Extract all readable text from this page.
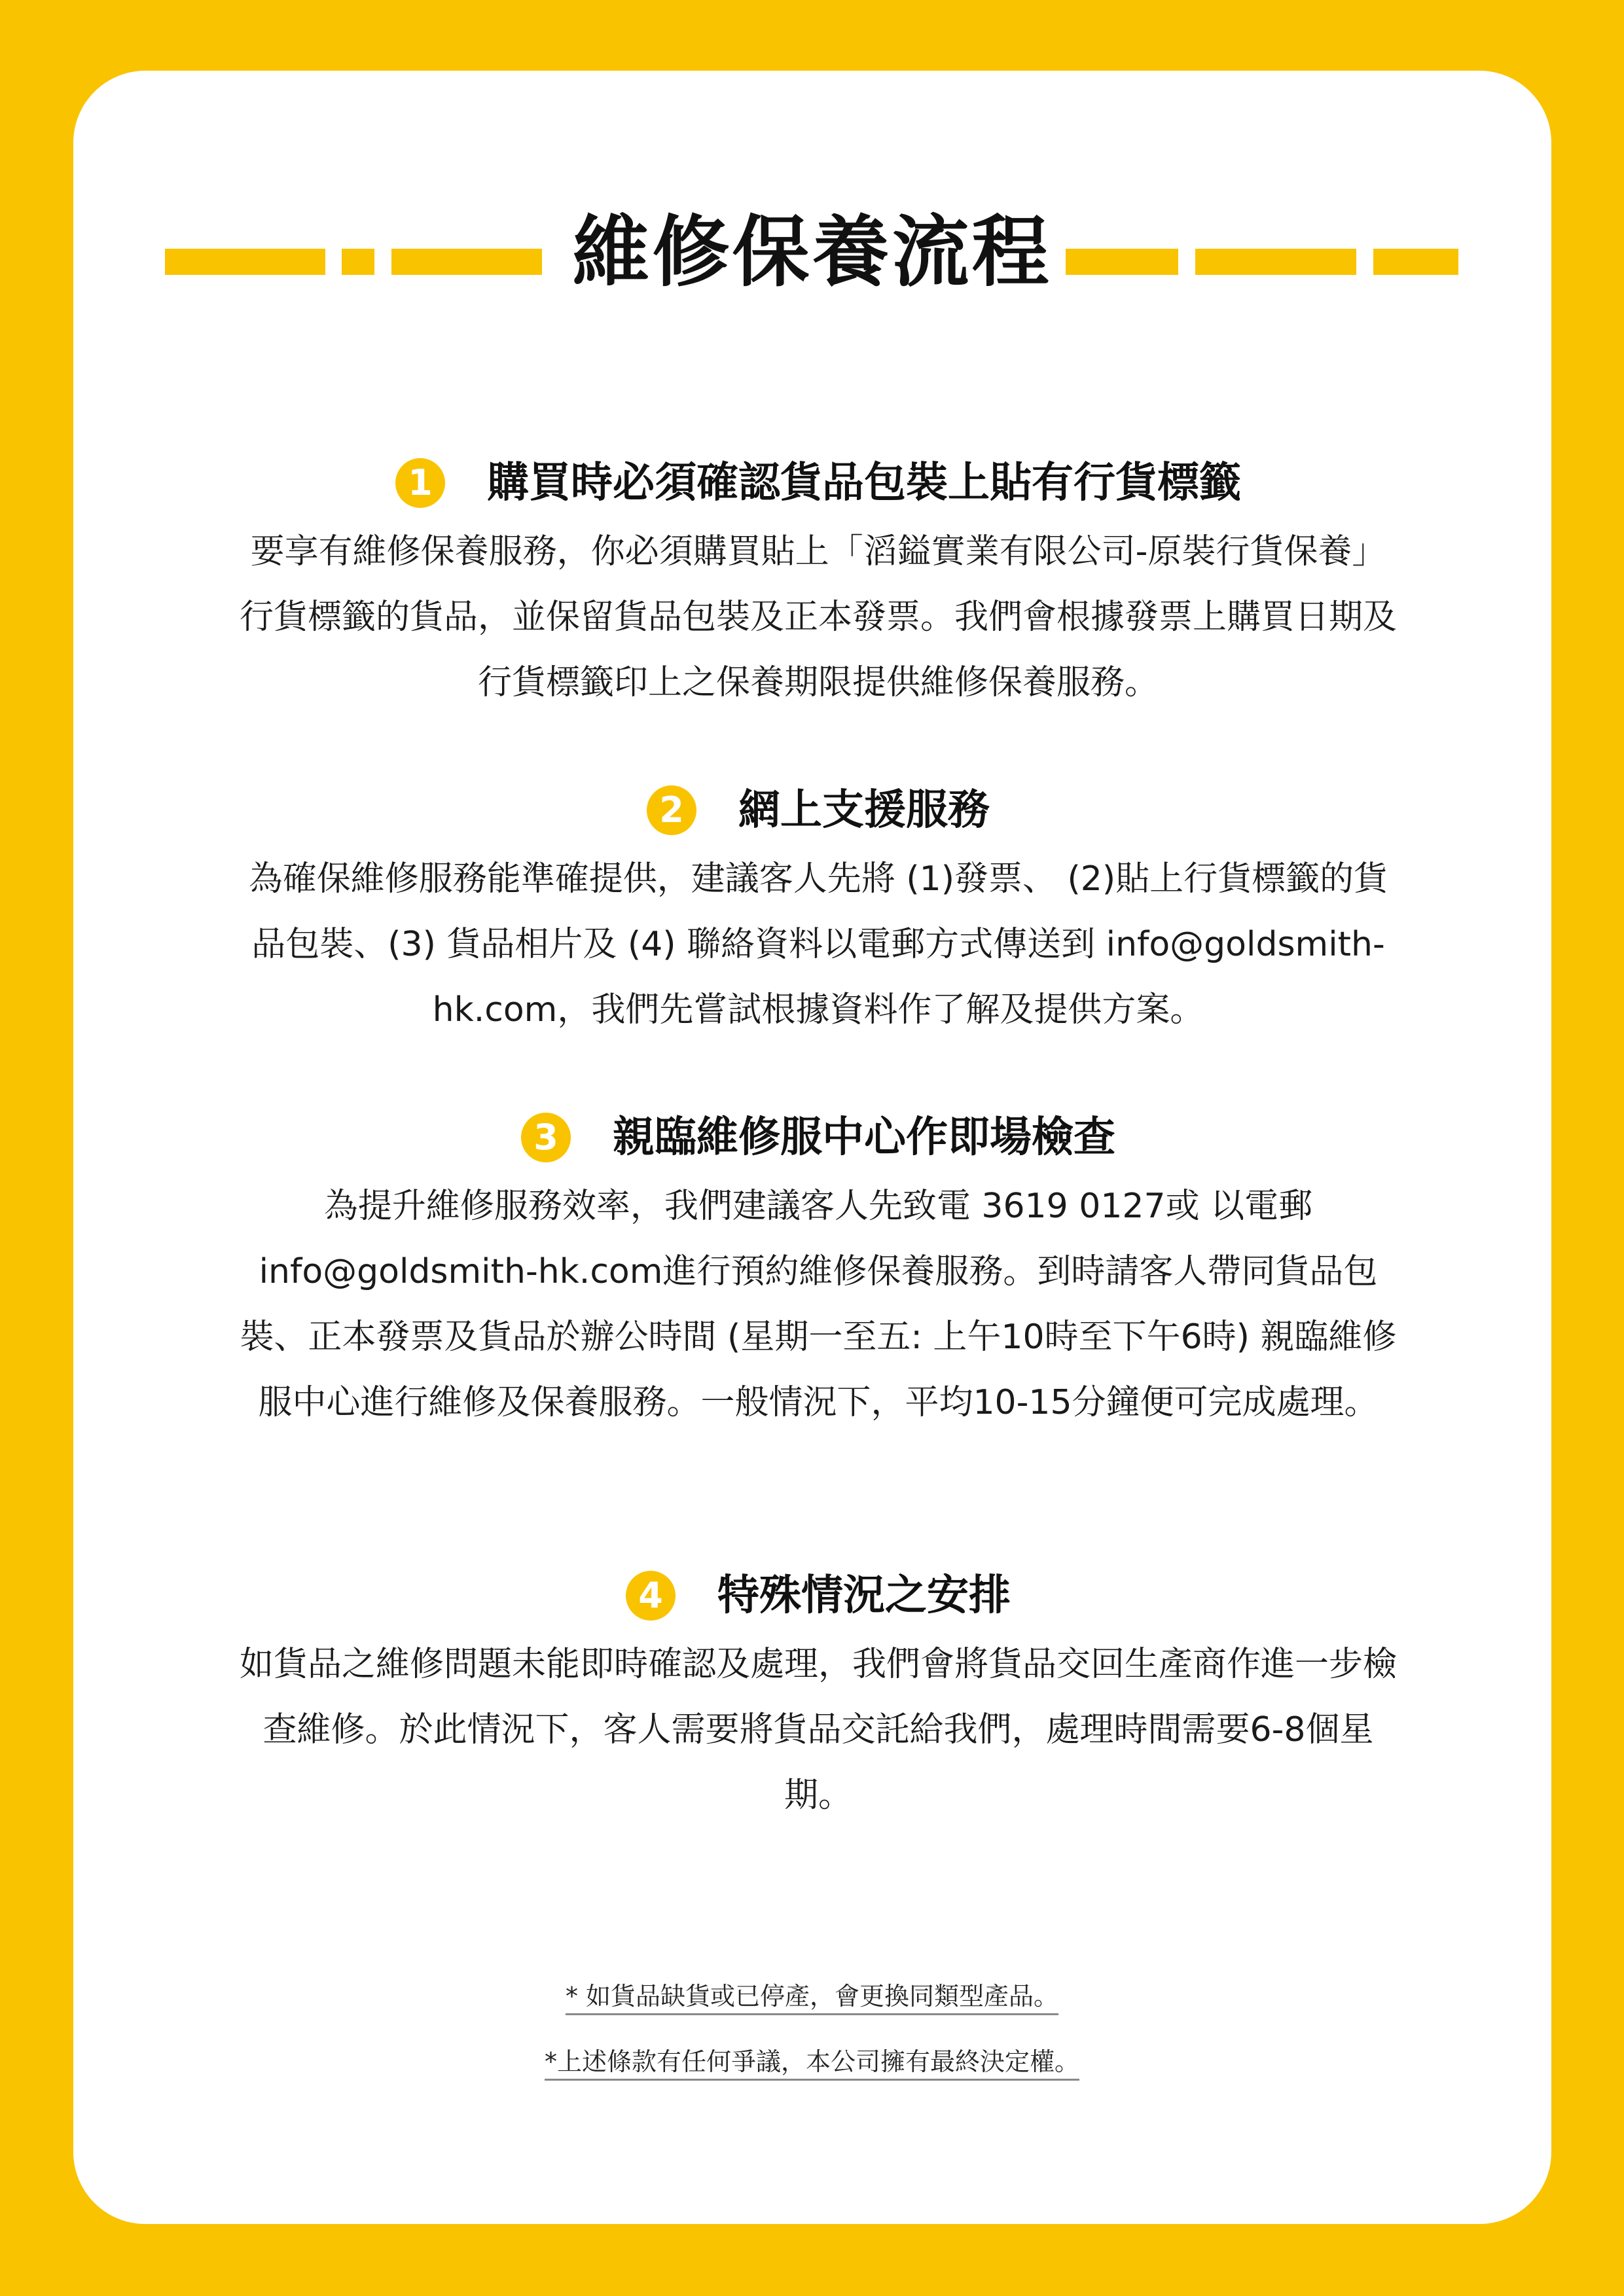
維修保養流程
1	購買時必須確認貨品包裝上貼有行貨標籤

要享有維修保養服務，你必須購買貼上「滔鎰實業有限公司-原裝行貨保養」行貨標籤的貨品，並保留貨品包裝及正本發票。我們會根據發票上購買日期及行貨標籤印上之保養期限提供維修保養服務。

2	網上支援服務

為確保維修服務能準確提供，建議客人先將 (1)發票、 (2)貼上行貨標籤的貨品包裝、(3) 貨品相片及 (4) 聯絡資料以電郵方式傳送到 info@goldsmith-hk.com，我們先嘗試根據資料作了解及提供方案。

3	親臨維修服中心作即場檢查

為提升維修服務效率，我們建議客人先致電 3619 0127或 以電郵 info@goldsmith-hk.com進行預約維修保養服務。到時請客人帶同貨品包裝、正本發票及貨品於辦公時間 (星期一至五: 上午10時至下午6時) 親臨維修服中心進行維修及保養服務。一般情況下，平均10-15分鐘便可完成處理。

4	特殊情況之安排

如貨品之維修問題未能即時確認及處理，我們會將貨品交回生產商作進一步檢查維修。於此情況下，客人需要將貨品交託給我們，處理時間需要6-8個星期。

* 如貨品缺貨或已停產，會更換同類型產品。
*上述條款有任何爭議，本公司擁有最終決定權。
